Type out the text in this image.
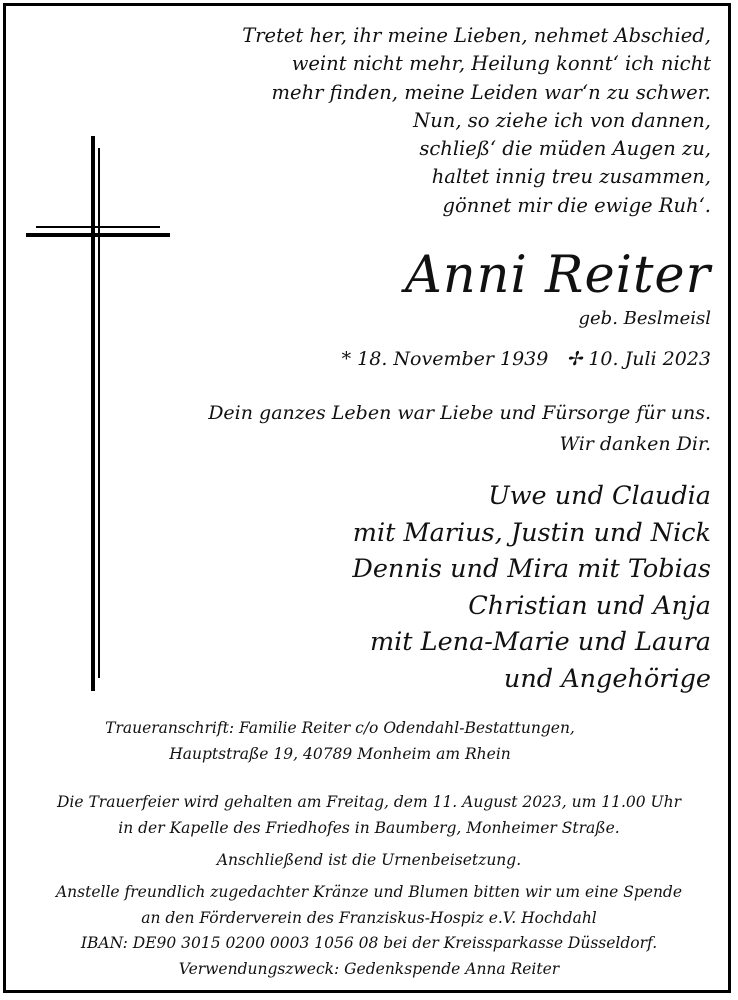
Tretet her, ihr meine Lieben, nehmet Abschied,
weint nicht mehr, Heilung konnt‘ ich nicht
mehr finden, meine Leiden war‘n zu schwer.
Nun, so ziehe ich von dannen,
schließ‘ die müden Augen zu,
haltet innig treu zusammen,
gönnet mir die ewige Ruh‘.
Anni Reiter
geb. Beslmeisl
* 18. November 1939 ✢ 10. Juli 2023
Dein ganzes Leben war Liebe und Fürsorge für uns.
Wir danken Dir.
Uwe und Claudia
mit Marius, Justin und Nick
Dennis und Mira mit Tobias
Christian und Anja
mit Lena-Marie und Laura
und Angehörige
Traueranschrift: Familie Reiter c/o Odendahl-Bestattungen,
Hauptstraße 19, 40789 Monheim am Rhein
Die Trauerfeier wird gehalten am Freitag, dem 11. August 2023, um 11.00 Uhr
in der Kapelle des Friedhofes in Baumberg, Monheimer Straße.
Anschließend ist die Urnenbeisetzung.
Anstelle freundlich zugedachter Kränze und Blumen bitten wir um eine Spende
an den Förderverein des Franziskus-Hospiz e.V. Hochdahl
IBAN: DE90 3015 0200 0003 1056 08 bei der Kreissparkasse Düsseldorf.
Verwendungszweck: Gedenkspende Anna Reiter
